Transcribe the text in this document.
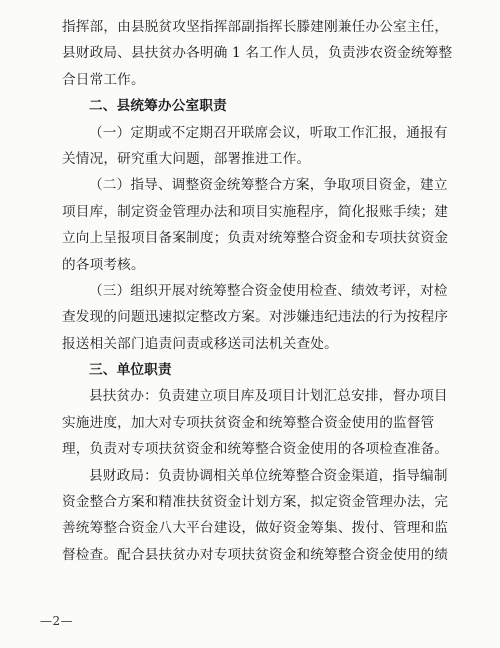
指挥部，由县脱贫攻坚指挥部副指挥长滕建刚兼任办公室主任，
县财政局、县扶贫办各明确 1 名工作人员，负责涉农资金统筹整
合日常工作。
二、县统筹办公室职责
（一）定期或不定期召开联席会议，听取工作汇报，通报有
关情况，研究重大问题，部署推进工作。
（二）指导、调整资金统筹整合方案，争取项目资金，建立
项目库，制定资金管理办法和项目实施程序，简化报账手续；建
立向上呈报项目备案制度；负责对统筹整合资金和专项扶贫资金
的各项考核。
（三）组织开展对统筹整合资金使用检查、绩效考评，对检
查发现的问题迅速拟定整改方案。对涉嫌违纪违法的行为按程序
报送相关部门追责问责或移送司法机关查处。
三、单位职责
县扶贫办：负责建立项目库及项目计划汇总安排，督办项目
实施进度，加大对专项扶贫资金和统筹整合资金使用的监督管
理，负责对专项扶贫资金和统筹整合资金使用的各项检查准备。
县财政局：负责协调相关单位统筹整合资金渠道，指导编制
资金整合方案和精准扶贫资金计划方案，拟定资金管理办法，完
善统筹整合资金八大平台建设，做好资金筹集、拨付、管理和监
督检查。配合县扶贫办对专项扶贫资金和统筹整合资金使用的绩
—2—
